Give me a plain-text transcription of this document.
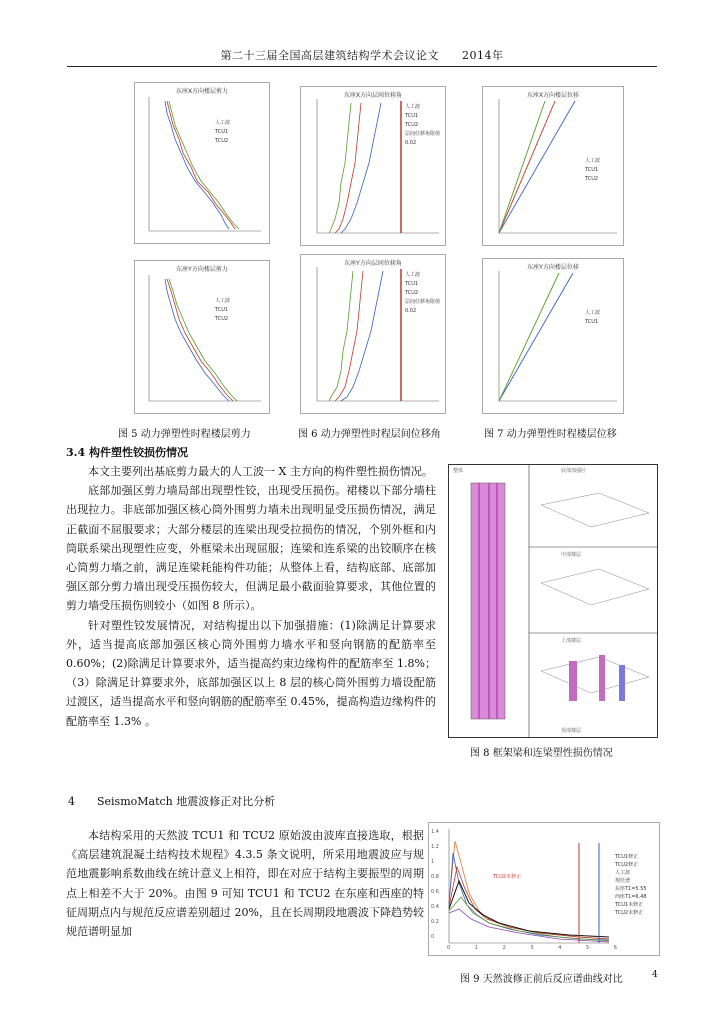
第二十三届全国高层建筑结构学术会议论文　　2014年
东座X方向楼层剪力
人工波
TCU1
TCU2
东座X方向层间位移角
人工波
TCU1
TCU2
层间位移角限值0.02
东座X方向楼层位移
人工波
TCU1
TCU2
东座Y方向楼层剪力
人工波
TCU1
TCU2
东座Y方向层间位移角
人工波
TCU1
TCU2
层间位移角限值0.02
东座Y方向楼层位移
人工波
TCU1
图 5 动力弹塑性时程楼层剪力	图 6 动力弹塑性时程层间位移角	图 7 动力弹塑性时程楼层位移
3.4 构件塑性铰损伤情况

本文主要列出基底剪力最大的人工波一 X 主方向的构件塑性损伤情况。

底部加强区剪力墙局部出现塑性铰，出现受压损伤。裙楼以下部分墙柱出现拉力。非底部加强区核心筒外围剪力墙未出现明显受压损伤情况，满足正截面不屈服要求；大部分楼层的连梁出现受拉损伤的情况，个别外框和内筒联系梁出现塑性应变，外框梁未出现屈服；连梁和连系梁的出铰顺序在核心筒剪力墙之前，满足连梁耗能构件功能；从整体上看，结构底部、底部加强区部分剪力墙出现受压损伤较大，但满足最小截面验算要求，其他位置的剪力墙受压损伤则较小（如图 8 所示）。

针对塑性铰发展情况，对结构提出以下加强措施：(1)除满足计算要求外，适当提高底部加强区核心筒外围剪力墙水平和竖向钢筋的配筋率至 0.60%；(2)除满足计算要求外，适当提高约束边缘构件的配筋率至 1.8%；（3）除满足计算要求外，底部加强区以上 8 层的核心筒外围剪力墙设配筋过渡区，适当提高水平和竖向钢筋的配筋率至 0.45%，提高构造边缘构件的配筋率至 1.3% 。

整体	底部加强区
中部楼层
上部楼层
顶部楼层
图 8 框架梁和连梁塑性损伤情况
4　　SeismoMatch 地震波修正对比分析

本结构采用的天然波 TCU1 和 TCU2 原始波由波库直接选取，根据《高层建筑混凝土结构技术规程》4.3.5 条文说明，所采用地震波应与规范地震影响系数曲线在统计意义上相符，即在对应于结构主要振型的周期点上相差不大于 20%。由图 9 可知 TCU1 和 TCU2 在东座和西座的特征周期点内与规范反应谱差别超过 20%，且在长周期段地震波下降趋势较规范谱明显加

1.4
1.2
1
0.8
0.6
0.4
0.2
0
0	1	2	3	4	5	6
TCU2未修正
TCU1修正
TCU2修正
人工波
规范谱
东座T1=5.55
西座T1=6.48
TCU1未修正
TCU2未修正
图 9 天然波修正前后反应谱曲线对比	4
